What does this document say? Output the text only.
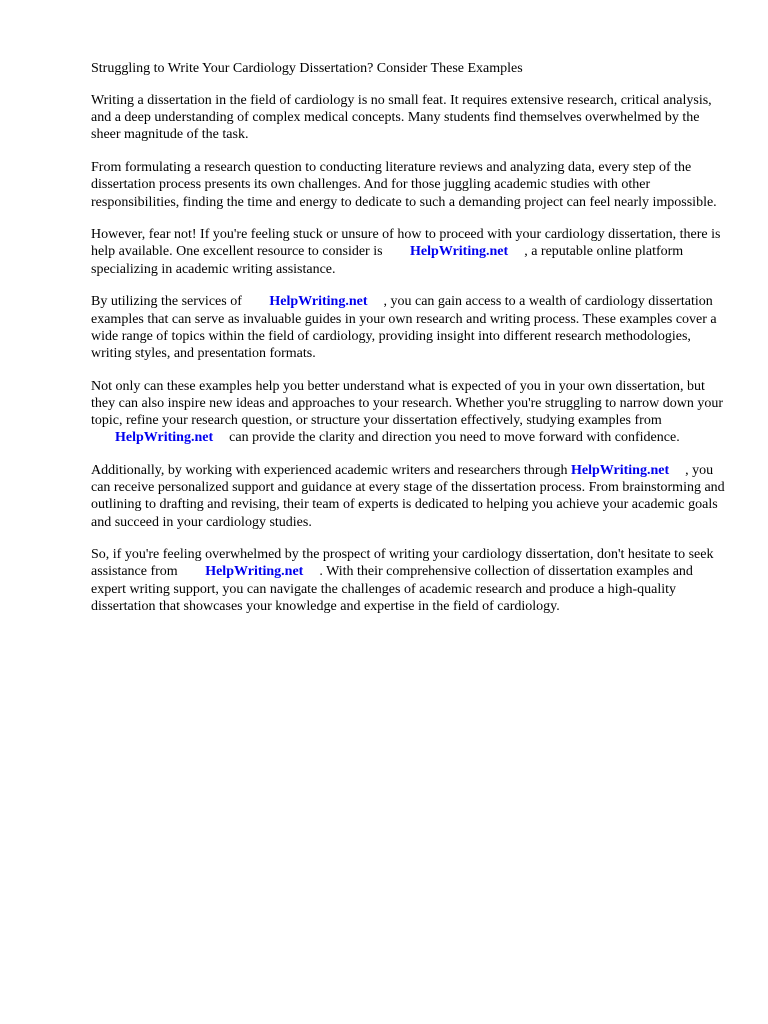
Struggling to Write Your Cardiology Dissertation? Consider These Examples

Writing a dissertation in the field of cardiology is no small feat. It requires extensive research, critical analysis, and a deep understanding of complex medical concepts. Many students find themselves overwhelmed by the sheer magnitude of the task.

From formulating a research question to conducting literature reviews and analyzing data, every step of the dissertation process presents its own challenges. And for those juggling academic studies with other responsibilities, finding the time and energy to dedicate to such a demanding project can feel nearly impossible.

However, fear not! If you're feeling stuck or unsure of how to proceed with your cardiology dissertation, there is help available. One excellent resource to consider is HelpWriting.net , a reputable online platform specializing in academic writing assistance.

By utilizing the services of HelpWriting.net , you can gain access to a wealth of cardiology dissertation examples that can serve as invaluable guides in your own research and writing process. These examples cover a wide range of topics within the field of cardiology, providing insight into different research methodologies, writing styles, and presentation formats.

Not only can these examples help you better understand what is expected of you in your own dissertation, but they can also inspire new ideas and approaches to your research. Whether you're struggling to narrow down your topic, refine your research question, or structure your dissertation effectively, studying examples from HelpWriting.net can provide the clarity and direction you need to move forward with confidence.

Additionally, by working with experienced academic writers and researchers through HelpWriting.net , you can receive personalized support and guidance at every stage of the dissertation process. From brainstorming and outlining to drafting and revising, their team of experts is dedicated to helping you achieve your academic goals and succeed in your cardiology studies.

So, if you're feeling overwhelmed by the prospect of writing your cardiology dissertation, don't hesitate to seek assistance from HelpWriting.net . With their comprehensive collection of dissertation examples and expert writing support, you can navigate the challenges of academic research and produce a high-quality dissertation that showcases your knowledge and expertise in the field of cardiology.
